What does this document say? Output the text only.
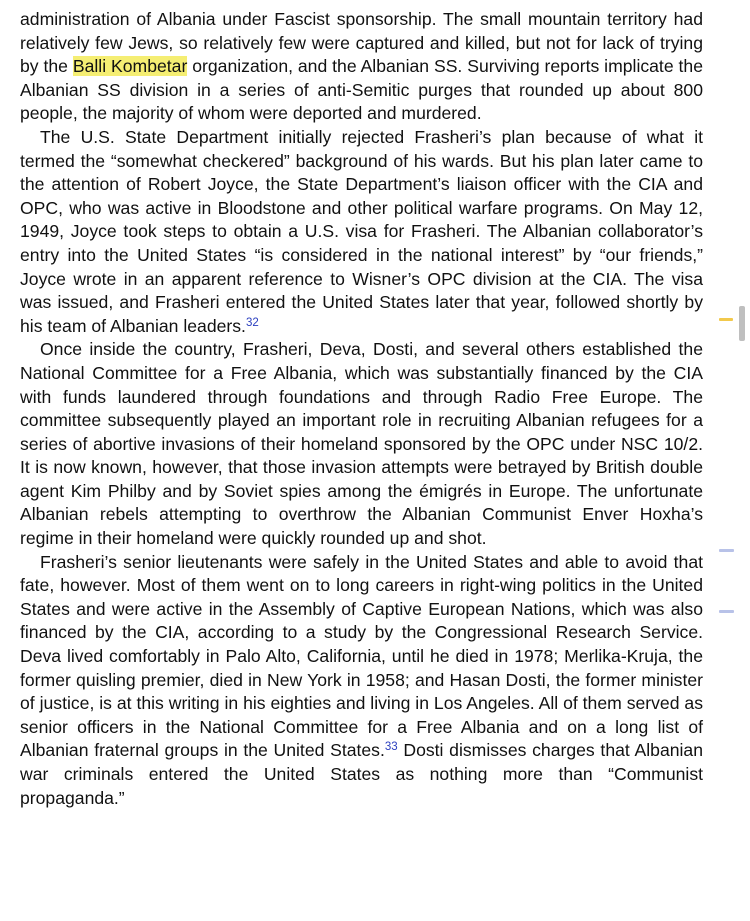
administration of Albania under Fascist sponsorship. The small mountain territory had relatively few Jews, so relatively few were captured and killed, but not for lack of trying by the Balli Kombetar organization, and the Albanian SS. Surviving reports implicate the Albanian SS division in a series of anti-Semitic purges that rounded up about 800 people, the majority of whom were deported and murdered.

The U.S. State Department initially rejected Frasheri’s plan because of what it termed the “somewhat checkered” background of his wards. But his plan later came to the attention of Robert Joyce, the State Department’s liaison officer with the CIA and OPC, who was active in Bloodstone and other political warfare programs. On May 12, 1949, Joyce took steps to obtain a U.S. visa for Frasheri. The Albanian collaborator’s entry into the United States “is considered in the national interest” by “our friends,” Joyce wrote in an apparent reference to Wisner’s OPC division at the CIA. The visa was issued, and Frasheri entered the United States later that year, followed shortly by his team of Albanian leaders.$^{32}$

Once inside the country, Frasheri, Deva, Dosti, and several others established the National Committee for a Free Albania, which was substantially financed by the CIA with funds laundered through foundations and through Radio Free Europe. The committee subsequently played an important role in recruiting Albanian refugees for a series of abortive invasions of their homeland sponsored by the OPC under NSC 10/2. It is now known, however, that those invasion attempts were betrayed by British double agent Kim Philby and by Soviet spies among the émigrés in Europe. The unfortunate Albanian rebels attempting to overthrow the Albanian Communist Enver Hoxha’s regime in their homeland were quickly rounded up and shot.

Frasheri’s senior lieutenants were safely in the United States and able to avoid that fate, however. Most of them went on to long careers in right-wing politics in the United States and were active in the Assembly of Captive European Nations, which was also financed by the CIA, according to a study by the Congressional Research Service. Deva lived comfortably in Palo Alto, California, until he died in 1978; Merlika-Kruja, the former quisling premier, died in New York in 1958; and Hasan Dosti, the former minister of justice, is at this writing in his eighties and living in Los Angeles. All of them served as senior officers in the National Committee for a Free Albania and on a long list of Albanian fraternal groups in the United States.$^{33}$ Dosti dismisses charges that Albanian war criminals entered the United States as nothing more than “Communist propaganda.”
